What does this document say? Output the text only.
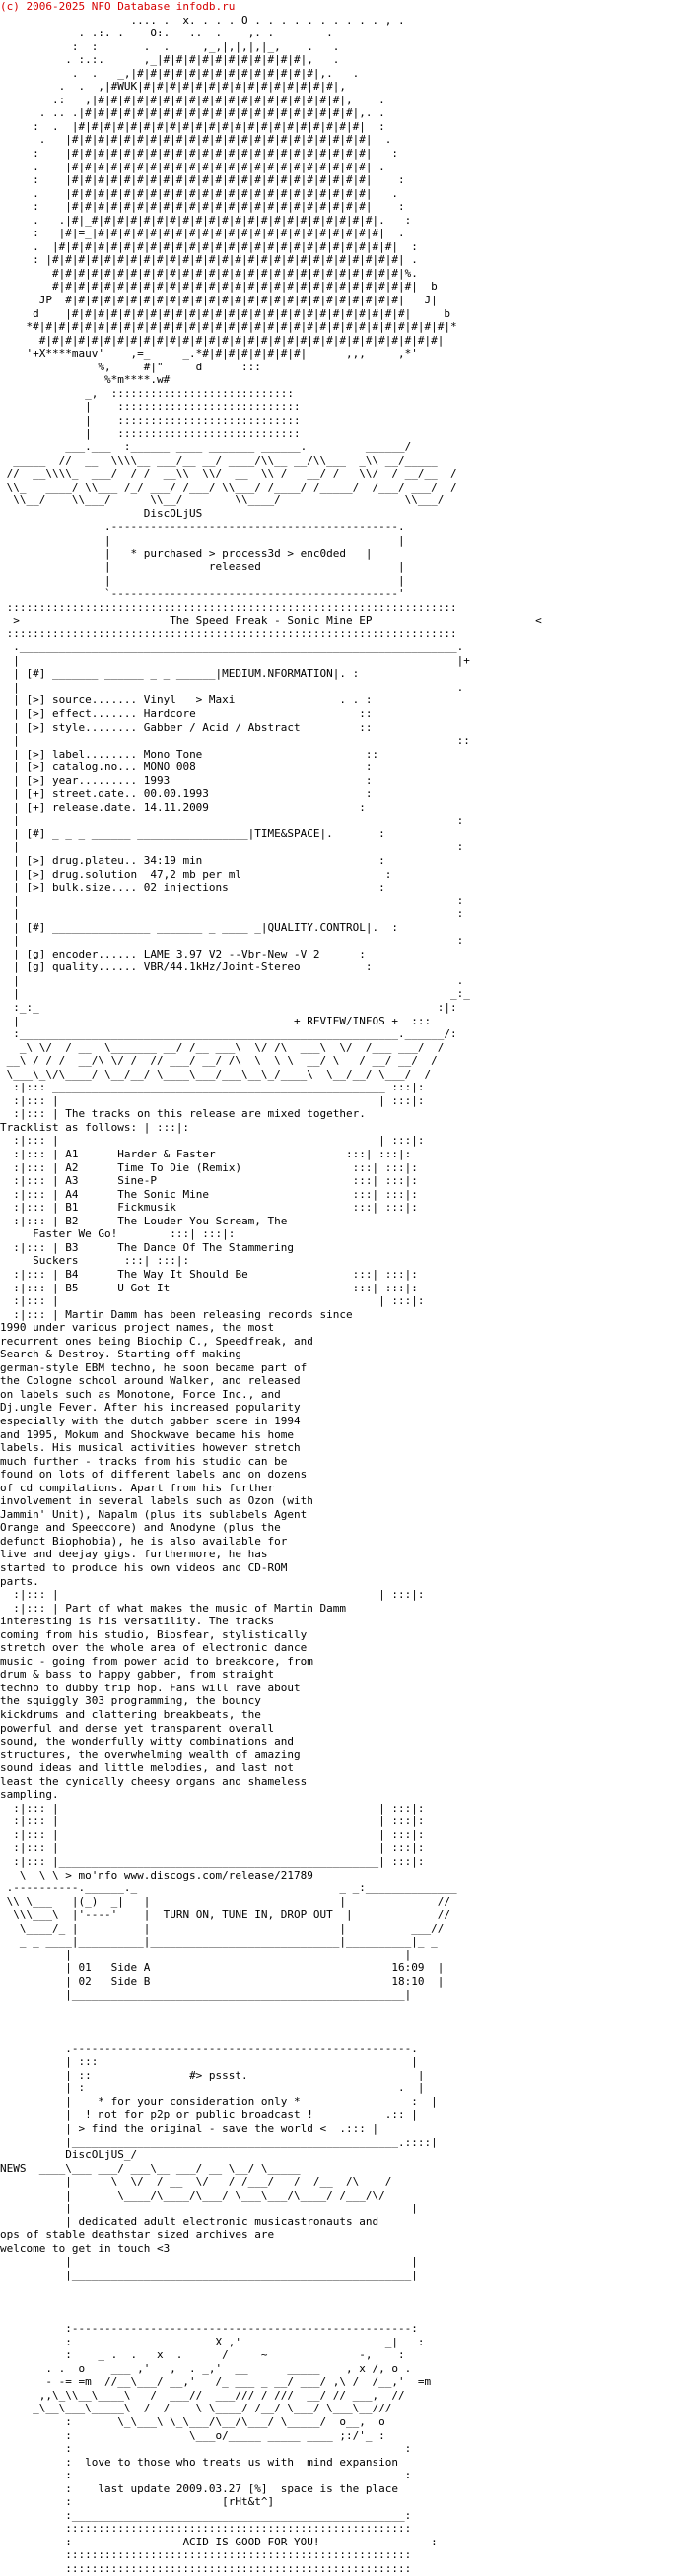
(c) 2006-2025 NFO Database infodb.ru
.... .  x. . . . O . . . . . . . . . . , .
. .:. .    O:.   ..  .    ,. .        .
:  :       .  .     ,_,|,|,|,|_,    .   .
. :.:.      ,_|#|#|#|#|#|#|#|#|#|#|#|,   .
.  .   _,|#|#|#|#|#|#|#|#|#|#|#|#|#|#|,.   .
.  .  ,|#WUK|#|#|#|#|#|#|#|#|#|#|#|#|#|#|#|,
.:   ,|#|#|#|#|#|#|#|#|#|#|#|#|#|#|#|#|#|#|#|,    .
. .. .|#|#|#|#|#|#|#|#|#|#|#|#|#|#|#|#|#|#|#|#|#|,. .
:  .  |#|#|#|#|#|#|#|#|#|#|#|#|#|#|#|#|#|#|#|#|#|#|  :
.   |#|#|#|#|#|#|#|#|#|#|#|#|#|#|#|#|#|#|#|#|#|#|#|  .
:    |#|#|#|#|#|#|#|#|#|#|#|#|#|#|#|#|#|#|#|#|#|#|#|   :
.    |#|#|#|#|#|#|#|#|#|#|#|#|#|#|#|#|#|#|#|#|#|#|#| .
:    |#|#|#|#|#|#|#|#|#|#|#|#|#|#|#|#|#|#|#|#|#|#|#|    :
.    |#|#|#|#|#|#|#|#|#|#|#|#|#|#|#|#|#|#|#|#|#|#|#|   .
:    |#|#|#|#|#|#|#|#|#|#|#|#|#|#|#|#|#|#|#|#|#|#|#|    :
.   .|#|_#|#|#|#|#|#|#|#|#|#|#|#|#|#|#|#|#|#|#|#|#|#|.   :
:   |#|=_|#|#|#|#|#|#|#|#|#|#|#|#|#|#|#|#|#|#|#|#|#|#|  .
.  |#|#|#|#|#|#|#|#|#|#|#|#|#|#|#|#|#|#|#|#|#|#|#|#|#|#|  :
: |#|#|#|#|#|#|#|#|#|#|#|#|#|#|#|#|#|#|#|#|#|#|#|#|#|#|#| .
#|#|#|#|#|#|#|#|#|#|#|#|#|#|#|#|#|#|#|#|#|#|#|#|#|#|#|%.
#|#|#|#|#|#|#|#|#|#|#|#|#|#|#|#|#|#|#|#|#|#|#|#|#|#|#|#|  b
JP  #|#|#|#|#|#|#|#|#|#|#|#|#|#|#|#|#|#|#|#|#|#|#|#|#|#|   J|
d    |#|#|#|#|#|#|#|#|#|#|#|#|#|#|#|#|#|#|#|#|#|#|#|#|#|#|     b
*#|#|#|#|#|#|#|#|#|#|#|#|#|#|#|#|#|#|#|#|#|#|#|#|#|#|#|#|#|#|#|#|*
#|#|#|#|#|#|#|#|#|#|#|#|#|#|#|#|#|#|#|#|#|#|#|#|#|#|#|#|#|#|#|
'+X****mauv'    ,=_     _.*#|#|#|#|#|#|#|#|      ,,,     ,*'
%,     #|"     d      :::
%*m****.w#
_,  ::::::::::::::::::::::::::::
|    ::::::::::::::::::::::::::::
|    ::::::::::::::::::::::::::::
|    ::::::::::::::::::::::::::::
___.___  :______ ____ _______ ______.         ______/
_____  //  __  \\\\__ ___/__ __/ ____/\\__ __/\\___  _\\ __/_____
//  __\\\\_  ___/  / /  __\\  \\/  __  \\ /   __/ /   \\/  / __/__  /
\\_   ____/ \\___ /_/ ___/ /___/ \\___/ /____/ /_____/  /___/ ___/  /
\\__/    \\___/      \\__/        \\____/                   \\___/
DiscOLjUS
.--------------------------------------------.
|                                            |
|   * purchased > process3d > enc0ded   |
|	released	|
|                                            |
`--------------------------------------------'
:::::::::::::::::::::::::::::::::::::::::::::::::::::::::::::::::::::
>	The Speed Freak - Sonic Mine EP	<
:::::::::::::::::::::::::::::::::::::::::::::::::::::::::::::::::::::
.___________________________________________________________________.
|                                                                   |+
| [#] _______ ______ _ _ ______|MEDIUM.NFORMATION|. :
|                                                                   .
| [>] source....... Vinyl   > Maxi	. . :
| [>] effect....... Hardcore	::
| [>] style........ Gabber / Acid / Abstract	::
|                                                                   ::
| [>] label........ Mono Tone	::
| [>] catalog.no... MONO 008	:
| [>] year......... 1993	:
| [+] street.date.. 00.00.1993	:
| [+] release.date. 14.11.2009	:
|                                                                   :
| [#] _ _ _ ______ _________________|TIME&SPACE|.	:
|                                                                   :
| [>] drug.plateu.. 34:19 min	:
| [>] drug.solution  47,2 mb per ml	:
| [>] bulk.size.... 02 injections	:
|                                                                   :
|                                                                   :
| [#] _______________ _______ _ ____ _|QUALITY.CONTROL|.  :
|                                                                   :
| [g] encoder...... LAME 3.97 V2 --Vbr-New -V 2	:
| [g] quality...... VBR/44.1kHz/Joint-Stereo	:
|                                                                   .
|                                                                  _:_
:_:_                                                             :|:
|	+ REVIEW/INFOS +  :::
:__________________________________________________________.______/:
_\ \/  / __  \_______ __/ /__ ___\  \/ /\  ___\  \/  /___ ___/  /
__\ / / /  __/\ \/ /  // ___/ __/ /\  \  \ \  __/ \   / __/ __/  /
\___\_\/\____/ \__/__/ \____\___/___\__\_/____\  \__/__/ \___/  /
:|::: ___________________________________________________ :::|:
:|::: |                                                 | :::|:
:|::: | The tracks on this release are mixed together.
Tracklist as follows: | :::|:
:|::: |                                                 | :::|:
:|::: | A1	Harder & Faster	:::| :::|:
:|::: | A2	Time To Die (Remix)	:::| :::|:
:|::: | A3	Sine-P	:::| :::|:
:|::: | A4	The Sonic Mine	:::| :::|:
:|::: | B1	Fickmusik	:::| :::|:
:|::: | B2	The Louder You Scream, The
Faster We Go!	:::| :::|:
:|::: | B3	The Dance Of The Stammering
Suckers	:::| :::|:
:|::: | B4	The Way It Should Be	:::| :::|:
:|::: | B5	U Got It	:::| :::|:
:|::: |                                                 | :::|:
:|::: | Martin Damm has been releasing records since
1990 under various project names, the most
recurrent ones being Biochip C., Speedfreak, and
Search & Destroy. Starting off making
german-style EBM techno, he soon became part of
the Cologne school around Walker, and released
on labels such as Monotone, Force Inc., and
Dj.ungle Fever. After his increased popularity
especially with the dutch gabber scene in 1994
and 1995, Mokum and Shockwave became his home
labels. His musical activities however stretch
much further - tracks from his studio can be
found on lots of different labels and on dozens
of cd compilations. Apart from his further
involvement in several labels such as Ozon (with
Jammin' Unit), Napalm (plus its sublabels Agent
Orange and Speedcore) and Anodyne (plus the
defunct Biophobia), he is also available for
live and deejay gigs. furthermore, he has
started to produce his own videos and CD-ROM
parts.
:|::: |                                                 | :::|:
:|::: | Part of what makes the music of Martin Damm
interesting is his versatility. The tracks
coming from his studio, Biosfear, stylistically
stretch over the whole area of electronic dance
music - going from power acid to breakcore, from
drum & bass to happy gabber, from straight
techno to dubby trip hop. Fans will rave about
the squiggly 303 programming, the bouncy
kickdrums and clattering breakbeats, the
powerful and dense yet transparent overall
sound, the wonderfully witty combinations and
structures, the overwhelming wealth of amazing
sound ideas and little melodies, and last not
least the cynically cheesy organs and shameless
sampling.
:|::: |                                                 | :::|:
:|::: |                                                 | :::|:
:|::: |                                                 | :::|:
:|::: |                                                 | :::|:
:|::: |_________________________________________________| :::|:
\  \ \ > mo'nfo www.discogs.com/release/21789
.----------.______._                               _ _:______________
\\ \___   |(_)  _|   |                             |              //
\\\___\  |'----'    |  TURN ON, TUNE IN, DROP OUT  |             //
\____/_ |          |                             |          ___//
_ _ ____|__________|_____________________________|__________|_ _
|                                                   |
| 01 Side A	16:09  |
| 02 Side B	18:10  |
|___________________________________________________|

.----------------------------------------------------.
| :::                                                |
| ::	#> pssst.	|
| :                                                .  |
|    * for your consideration only *	:  |
|  ! not for p2p or public broadcast !	.:: |
| > find the original - save the world <  .::: |
|__________________________________________________.::::|
DiscOLjUS_/
NEWS  ____\___ ___/ ___\__ ___/ __ \__/ \_____
|      \  \/  / __  \/   / /___/   /  /__  /\    /
|       \____/\____/\___/ \___\___/\____/ /___/\/
|                                                    |
| dedicated adult electronic musicastronauts and
ops of stable deathstar sized archives are
welcome to get in touch <3
|                                                    |
|____________________________________________________|

:----------------------------------------------------:
:                      X ,'                      _|   :
:    _ .  .   x  .      /     ~              -,    :
. .  o    ___ ,'   ,  . _,'  __      _____    , x /, o .
- -= =m  //__\___/ __,'   /_ ___ _ __/ ___/ ,\ /  /__,'  =m
,,\_\\__\____\   /  ___//  ___/// / ///  __/ // ___,  //
_\__\___\_____\  /  /    \ \____/ /__/ \___/ \___\__///
:       \_\___\ \_\___/\__/\___/ \_____/  o__,  o
:                  \___o/_____ _____ ____ ;:/'_ :
:                                                   :
:  love to those who treats us with  mind expansion
:                                                   :
:    last update 2009.03.27 [%]  space is the place
:	[rHt&t^]
:___________________________________________________:
:::::::::::::::::::::::::::::::::::::::::::::::::::::
:	ACID IS GOOD FOR YOU!	:
:::::::::::::::::::::::::::::::::::::::::::::::::::::
:::::::::::::::::::::::::::::::::::::::::::::::::::::
